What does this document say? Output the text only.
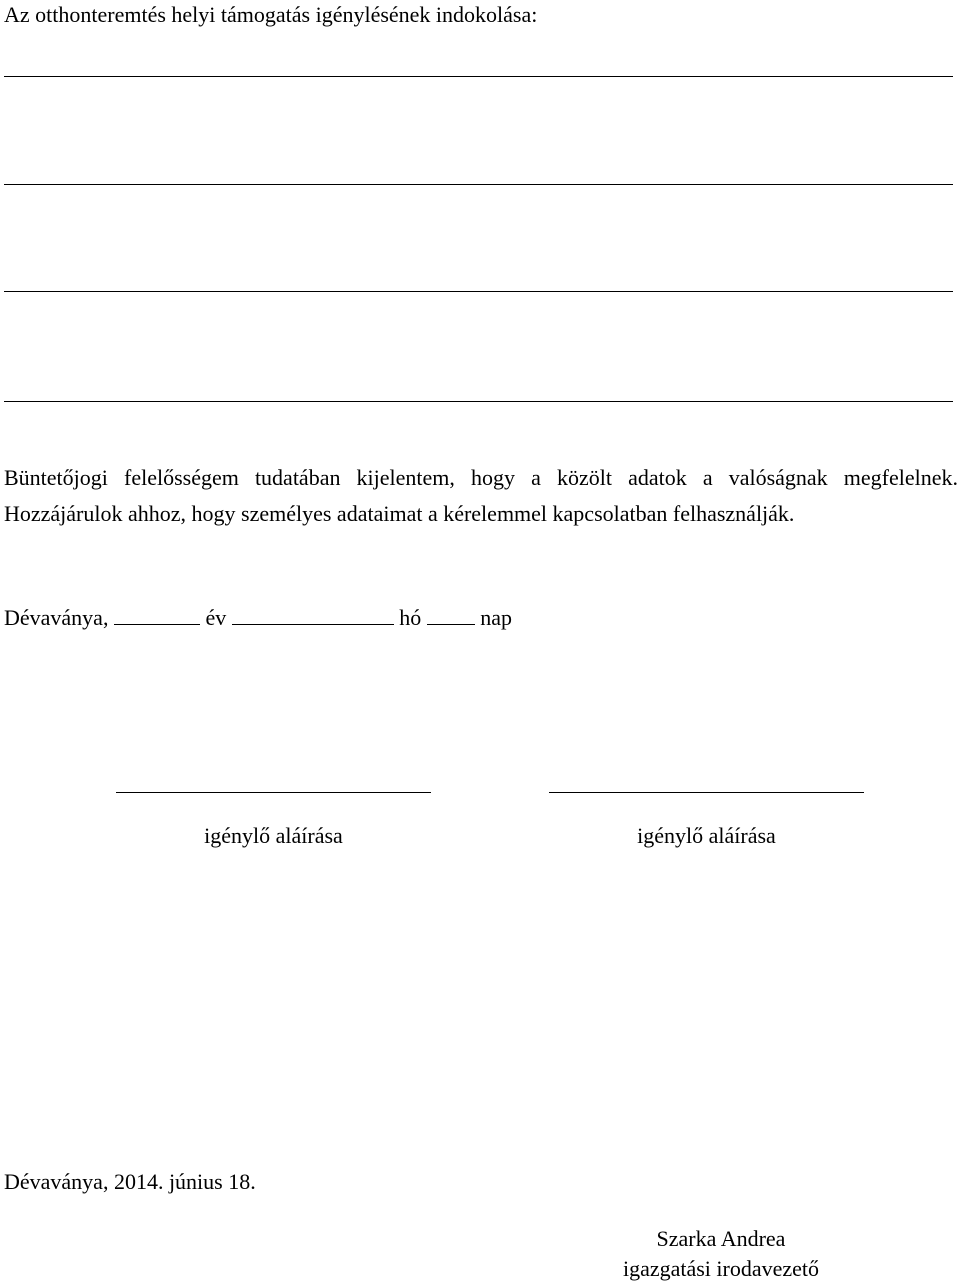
Az otthonteremtés helyi támogatás igénylésének indokolása:
Büntetőjogi felelősségem tudatában kijelentem, hogy a közölt adatok a valóságnak megfelelnek. Hozzájárulok ahhoz, hogy személyes adataimat a kérelemmel kapcsolatban felhasználják.
Dévaványa,	év	hó	nap
igénylő aláírása	igénylő aláírása
Dévaványa, 2014. június 18.
Szarka Andrea
igazgatási irodavezető
